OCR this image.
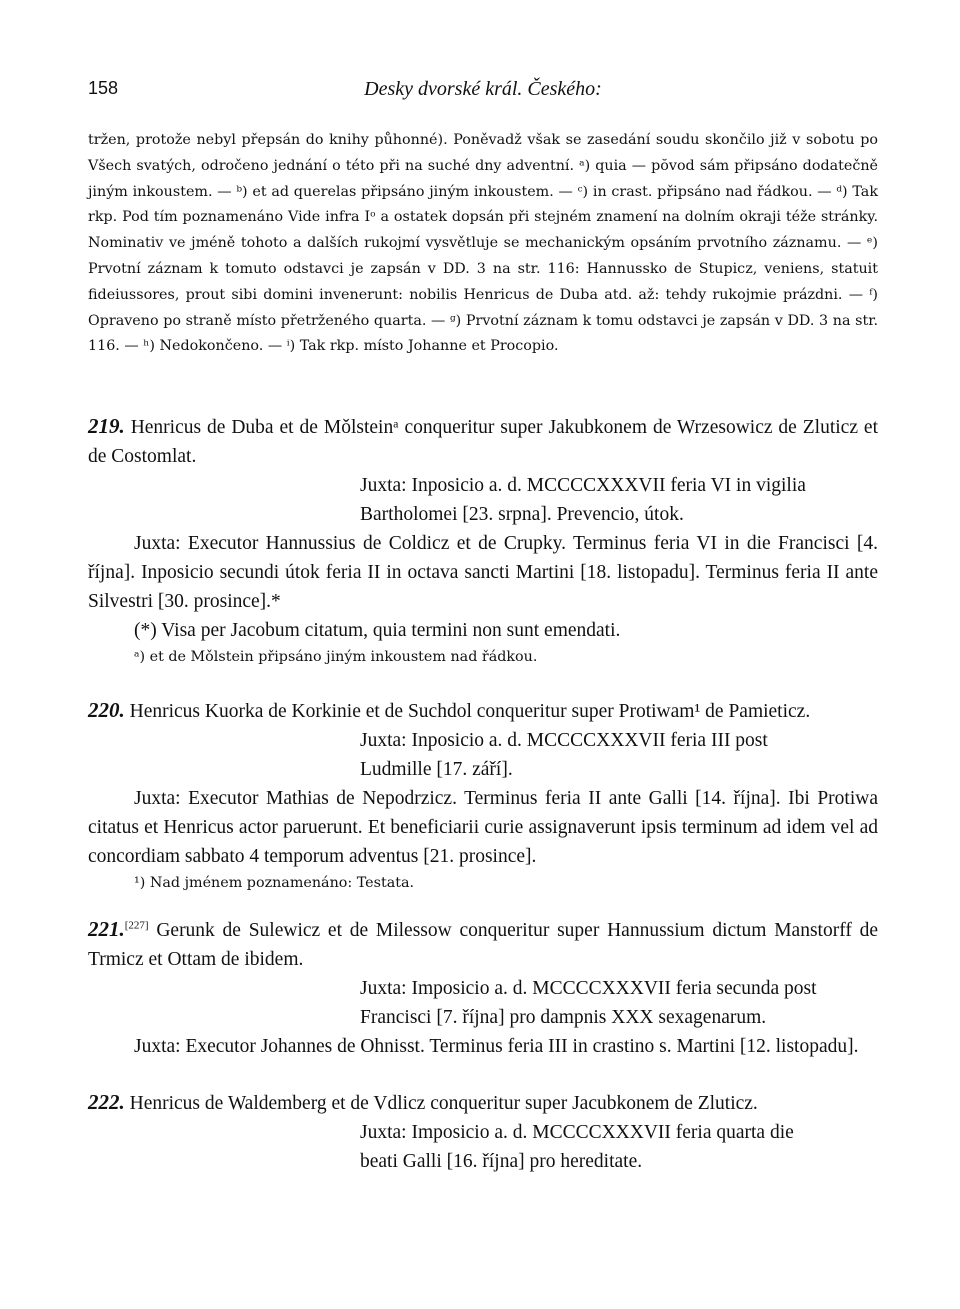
158	Desky dvorské král. Českého:

tržen, protože nebyl přepsán do knihy půhonné). Poněvadž však se zasedání soudu skončilo již v sobotu po Všech svatých, odročeno jednání o této při na suché dny adventní. ᵃ) quia — pŏvod sám připsáno dodatečně jiným inkoustem. — ᵇ) et ad querelas připsáno jiným inkoustem. — ᶜ) in crast. připsáno nad řádkou. — ᵈ) Tak rkp. Pod tím poznamenáno Vide infra Iᵒ a ostatek dopsán při stejném znamení na dolním okraji téže stránky. Nominativ ve jméně tohoto a dalších rukojmí vysvětluje se mechanickým opsáním prvotního záznamu. — ᵉ) Prvotní záznam k tomuto odstavci je zapsán v DD. 3 na str. 116: Hannussko de Stupicz, veniens, statuit fideiussores, prout sibi domini invenerunt: nobilis Henricus de Duba atd. až: tehdy rukojmie prázdni. — ᶠ) Opraveno po straně místo přetrženého quarta. — ᵍ) Prvotní záznam k tomu odstavci je zapsán v DD. 3 na str. 116. — ʰ) Nedokončeno. — ⁱ) Tak rkp. místo Johanne et Procopio.

219. Henricus de Duba et de Mǒlsteinᵃ conqueritur super Jakubkonem de Wrzesowicz de Zluticz et de Costomlat.

Juxta: Inposicio a. d. MCCCCXXXVII feria VI in vigilia

Bartholomei [23. srpna]. Prevencio, útok.

Juxta: Executor Hannussius de Coldicz et de Crupky. Terminus feria VI in die Francisci [4. října]. Inposicio secundi útok feria II in octava sancti Martini [18. listopadu]. Terminus feria II ante Silvestri [30. prosince].*

(*) Visa per Jacobum citatum, quia termini non sunt emendati.

ᵃ) et de Mǒlstein připsáno jiným inkoustem nad řádkou.

220. Henricus Kuorka de Korkinie et de Suchdol conqueritur super Protiwam¹ de Pamieticz.

Juxta: Inposicio a. d. MCCCCXXXVII feria III post

Ludmille [17. září].

Juxta: Executor Mathias de Nepodrzicz. Terminus feria II ante Galli [14. října]. Ibi Protiwa citatus et Henricus actor paruerunt. Et beneficiarii curie assignaverunt ipsis terminum ad idem vel ad concordiam sabbato 4 temporum adventus [21. prosince].

¹) Nad jménem poznamenáno: Testata.

221.[227] Gerunk de Sulewicz et de Milessow conqueritur super Hannussium dictum Manstorff de Trmicz et Ottam de ibidem.

Juxta: Imposicio a. d. MCCCCXXXVII feria secunda post

Francisci [7. října] pro dampnis XXX sexagenarum.

Juxta: Executor Johannes de Ohnisst. Terminus feria III in crastino s. Martini [12. listopadu].

222. Henricus de Waldemberg et de Vdlicz conqueritur super Jacubkonem de Zluticz.

Juxta: Imposicio a. d. MCCCCXXXVII feria quarta die

beati Galli [16. října] pro hereditate.
